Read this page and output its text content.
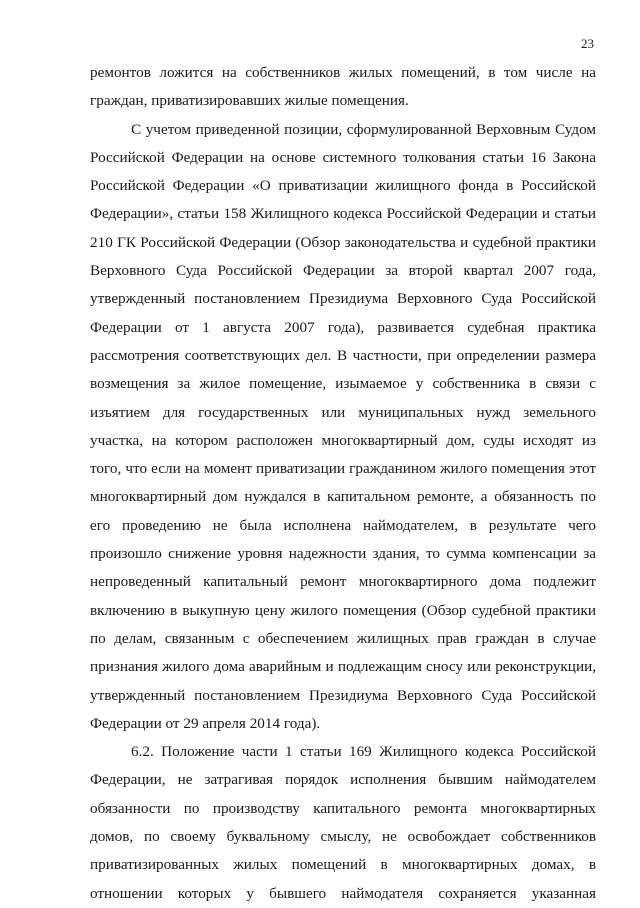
23
ремонтов ложится на собственников жилых помещений, в том числе на
граждан, приватизировавших жилые помещения.
С учетом приведенной позиции, сформулированной Верховным Судом
Российской Федерации на основе системного толкования статьи 16 Закона
Российской Федерации «О приватизации жилищного фонда в Российской
Федерации», статьи 158 Жилищного кодекса Российской Федерации и статьи
210 ГК Российской Федерации (Обзор законодательства и судебной практики
Верховного Суда Российской Федерации за второй квартал 2007 года,
утвержденный постановлением Президиума Верховного Суда Российской
Федерации от 1 августа 2007 года), развивается судебная практика
рассмотрения соответствующих дел. В частности, при определении размера
возмещения за жилое помещение, изымаемое у собственника в связи с
изъятием для государственных или муниципальных нужд земельного
участка, на котором расположен многоквартирный дом, суды исходят из
того, что если на момент приватизации гражданином жилого помещения этот
многоквартирный дом нуждался в капитальном ремонте, а обязанность по
его проведению не была исполнена наймодателем, в результате чего
произошло снижение уровня надежности здания, то сумма компенсации за
непроведенный капитальный ремонт многоквартирного дома подлежит
включению в выкупную цену жилого помещения (Обзор судебной практики
по делам, связанным с обеспечением жилищных прав граждан в случае
признания жилого дома аварийным и подлежащим сносу или реконструкции,
утвержденный постановлением Президиума Верховного Суда Российской
Федерации от 29 апреля 2014 года).
6.2. Положение части 1 статьи 169 Жилищного кодекса Российской
Федерации, не затрагивая порядок исполнения бывшим наймодателем
обязанности по производству капитального ремонта многоквартирных
домов, по своему буквальному смыслу, не освобождает собственников
приватизированных жилых помещений в многоквартирных домах, в
отношении которых у бывшего наймодателя сохраняется указанная
